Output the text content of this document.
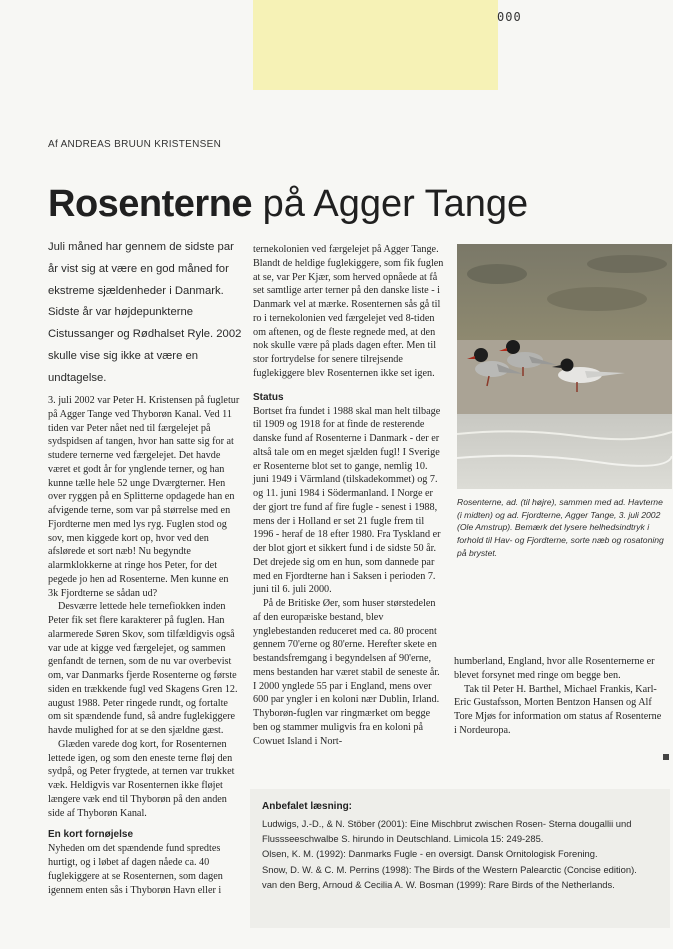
000
Af ANDREAS BRUUN KRISTENSEN
Rosenterne på Agger Tange

Juli måned har gennem de sidste par år vist sig at være en god måned for ekstreme sjældenheder i Danmark. Sidste år var højdepunkterne Cistussanger og Rødhalset Ryle. 2002 skulle vise sig ikke at være en undtagelse.

3. juli 2002 var Peter H. Kristensen på fugletur på Agger Tange ved Thyborøn Kanal. Ved 11 tiden var Peter nået ned til færgelejet på sydspidsen af tangen, hvor han satte sig for at studere ternerne ved færgelejet. Det havde været et godt år for ynglende terner, og han kunne tælle hele 52 unge Dværgterner. Hen over ryggen på en Splitterne opdagede han en afvigende terne, som var på størrelse med en Fjordterne men med lys ryg. Fuglen stod og sov, men kiggede kort op, hvor ved den afslørede et sort næb! Nu begyndte alarmklokkerne at ringe hos Peter, for det pegede jo hen ad Rosenterne. Men kunne en 3k Fjordterne se sådan ud?

Desværre lettede hele ternefiokken inden Peter fik set flere karakterer på fuglen. Han alarmerede Søren Skov, som tilfældigvis også var ude at kigge ved færgelejet, og sammen genfandt de ternen, som de nu var overbevist om, var Danmarks fjerde Rosenterne og første siden en trækkende fugl ved Skagens Gren 12. august 1988. Peter ringede rundt, og fortalte om sit spændende fund, så andre fuglekiggere havde mulighed for at se den sjældne gæst.

Glæden varede dog kort, for Rosenternen lettede igen, og som den eneste terne fløj den sydpå, og Peter frygtede, at ternen var trukket væk. Heldigvis var Rosenternen ikke fløjet længere væk end til Thyborøn på den anden side af Thyborøn Kanal.

En kort fornøjelse

Nyheden om det spændende fund spredtes hurtigt, og i løbet af dagen nåede ca. 40 fuglekiggere at se Rosenternen, som dagen igennem enten sås i Thyborøn Havn eller i

ternekolonien ved færgelejet på Agger Tange. Blandt de heldige fuglekiggere, som fik fuglen at se, var Per Kjær, som herved opnåede at få set samtlige arter terner på den danske liste - i Danmark vel at mærke. Rosenternen sås gå til ro i ternekolonien ved færgelejet ved 8-tiden om aftenen, og de fleste regnede med, at den nok skulle være på plads dagen efter. Men til stor fortrydelse for senere tilrejsende fuglekiggere blev Rosenternen ikke set igen.

Status

Bortset fra fundet i 1988 skal man helt tilbage til 1909 og 1918 for at finde de resterende danske fund af Rosenterne i Danmark - der er altså tale om en meget sjælden fugl! I Sverige er Rosenterne blot set to gange, nemlig 10. juni 1949 i Värmland (tilskadekommet) og 7. og 11. juni 1984 i Södermanland. I Norge er der gjort tre fund af fire fugle - senest i 1988, mens der i Holland er set 21 fugle frem til 1996 - heraf de 18 efter 1980. Fra Tyskland er der blot gjort et sikkert fund i de sidste 50 år. Det drejede sig om en hun, som dannede par med en Fjordterne han i Saksen i perioden 7. juni til 6. juli 2000.

På de Britiske Øer, som huser størstedelen af den europæiske bestand, blev ynglebestanden reduceret med ca. 80 procent gennem 70'erne og 80'erne. Herefter skete en bestandsfremgang i begyndelsen af 90'erne, mens bestanden har været stabil de seneste år. I 2000 ynglede 55 par i England, mens over 600 par yngler i en koloni nær Dublin, Irland. Thyborøn-fuglen var ringmærket om begge ben og stammer muligvis fra en koloni på Cowuet Island i Nort-

Rosenterne, ad. (til højre), sammen med ad. Havterne (i midten) og ad. Fjordterne, Agger Tange, 3. juli 2002 (Ole Amstrup). Bemærk det lysere helhedsindtryk i forhold til Hav- og Fjordterne, sorte næb og rosatoning på brystet.

humberland, England, hvor alle Rosenternerne er blevet forsynet med ringe om begge ben.

Tak til Peter H. Barthel, Michael Frankis, Karl-Eric Gustafsson, Morten Bentzon Hansen og Alf Tore Mjøs for information om status af Rosenterne i Nordeuropa.

Anbefalet læsning:
Ludwigs, J.-D., & N. Stöber (2001): Eine Mischbrut zwischen Rosen- Sterna dougallii und Flussseeschwalbe S. hirundo in Deutschland. Limicola 15: 249-285.
Olsen, K. M. (1992): Danmarks Fugle - en oversigt. Dansk Ornitologisk Forening.
Snow, D. W. & C. M. Perrins (1998): The Birds of the Western Palearctic (Concise edition).
van den Berg, Arnoud & Cecilia A. W. Bosman (1999): Rare Birds of the Netherlands.
